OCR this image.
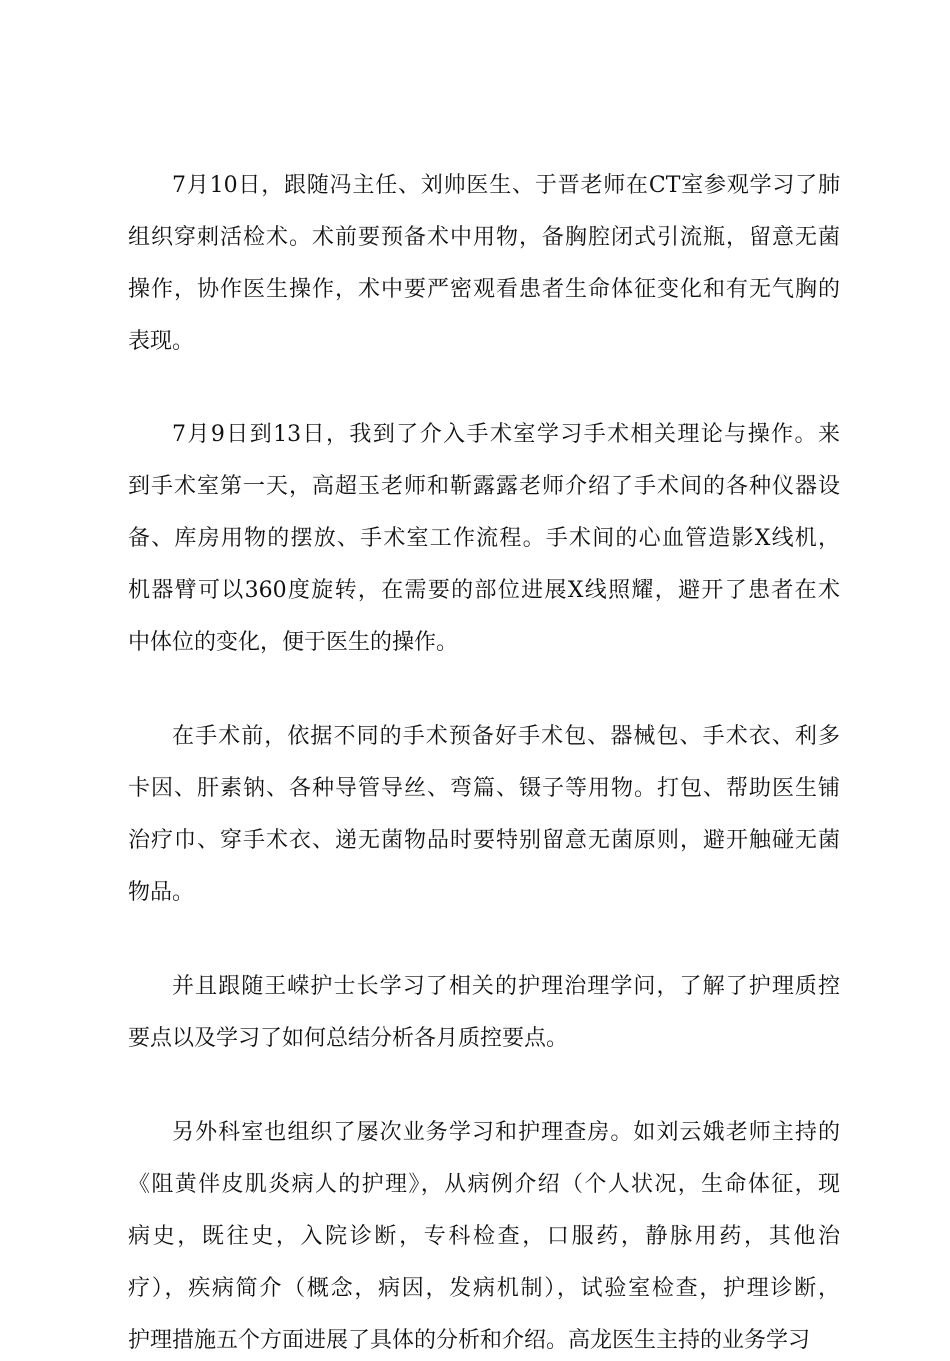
7月10日，跟随冯主任、刘帅医生、于晋老师在CT室参观学习了肺
组织穿刺活检术。术前要预备术中用物，备胸腔闭式引流瓶，留意无菌
操作，协作医生操作，术中要严密观看患者生命体征变化和有无气胸的
表现。
7月9日到13日，我到了介入手术室学习手术相关理论与操作。来
到手术室第一天，高超玉老师和靳露露老师介绍了手术间的各种仪器设
备、库房用物的摆放、手术室工作流程。手术间的心血管造影X线机，
机器臂可以360度旋转，在需要的部位进展X线照耀，避开了患者在术
中体位的变化，便于医生的操作。
在手术前，依据不同的手术预备好手术包、器械包、手术衣、利多
卡因、肝素钠、各种导管导丝、弯篇、镊子等用物。打包、帮助医生铺
治疗巾、穿手术衣、递无菌物品时要特别留意无菌原则，避开触碰无菌
物品。
并且跟随王嵘护士长学习了相关的护理治理学问，了解了护理质控
要点以及学习了如何总结分析各月质控要点。
另外科室也组织了屡次业务学习和护理查房。如刘云娥老师主持的
《阻黄伴皮肌炎病人的护理》，从病例介绍（个人状况，生命体征，现
病史，既往史，入院诊断，专科检查，口服药，静脉用药，其他治
疗），疾病简介（概念，病因，发病机制），试验室检查，护理诊断，
护理措施五个方面进展了具体的分析和介绍。高龙医生主持的业务学习
